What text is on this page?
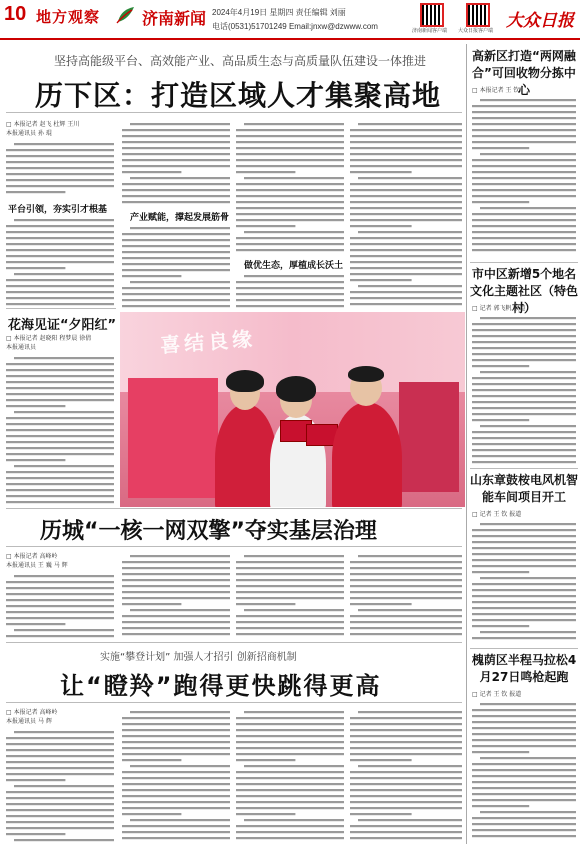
10 地方观察	济南新闻 2024年4月19日 星期四 责任编辑 刘丽
电话(0531)51701249 Email:jnxw@dzwww.com	济南新闻客户端 大众日报客户端 大众日报
坚持高能级平台、高效能产业、高品质生态与高质量队伍建设一体推进
历下区：打造区域人才集聚高地
□ 本报记者 赵飞 杜辉 王川
本报通讯员 孙 琨
平台引领，夯实引才根基
产业赋能，撑起发展筋骨
做优生态，厚植成长沃土
花海见证“夕阳红”
□ 本报记者 赵晓阳 程梦晨 徐倩
本报通讯员	喜结良缘
历城“一核一网双擎”夺实基层治理
□ 本报记者 高峰岭
本报通讯员 王 巍 马 辉
实施“攀登计划” 加强人才招引 创新招商机制
让“瞪羚”跑得更快跳得更高
□ 本报记者 高峰岭
本报通讯员 马 辉
高新区打造“两网融合”可回收物分拣中心
□ 本报记者 王 钦
市中区新增5个地名文化主题社区（特色村）
□ 记者 郭飞帆 报道
山东章鼓桉电风机智能车间项目开工
□ 记者 王 钦 报道
槐荫区半程马拉松4月27日鸣枪起跑
□ 记者 王 钦 报道
